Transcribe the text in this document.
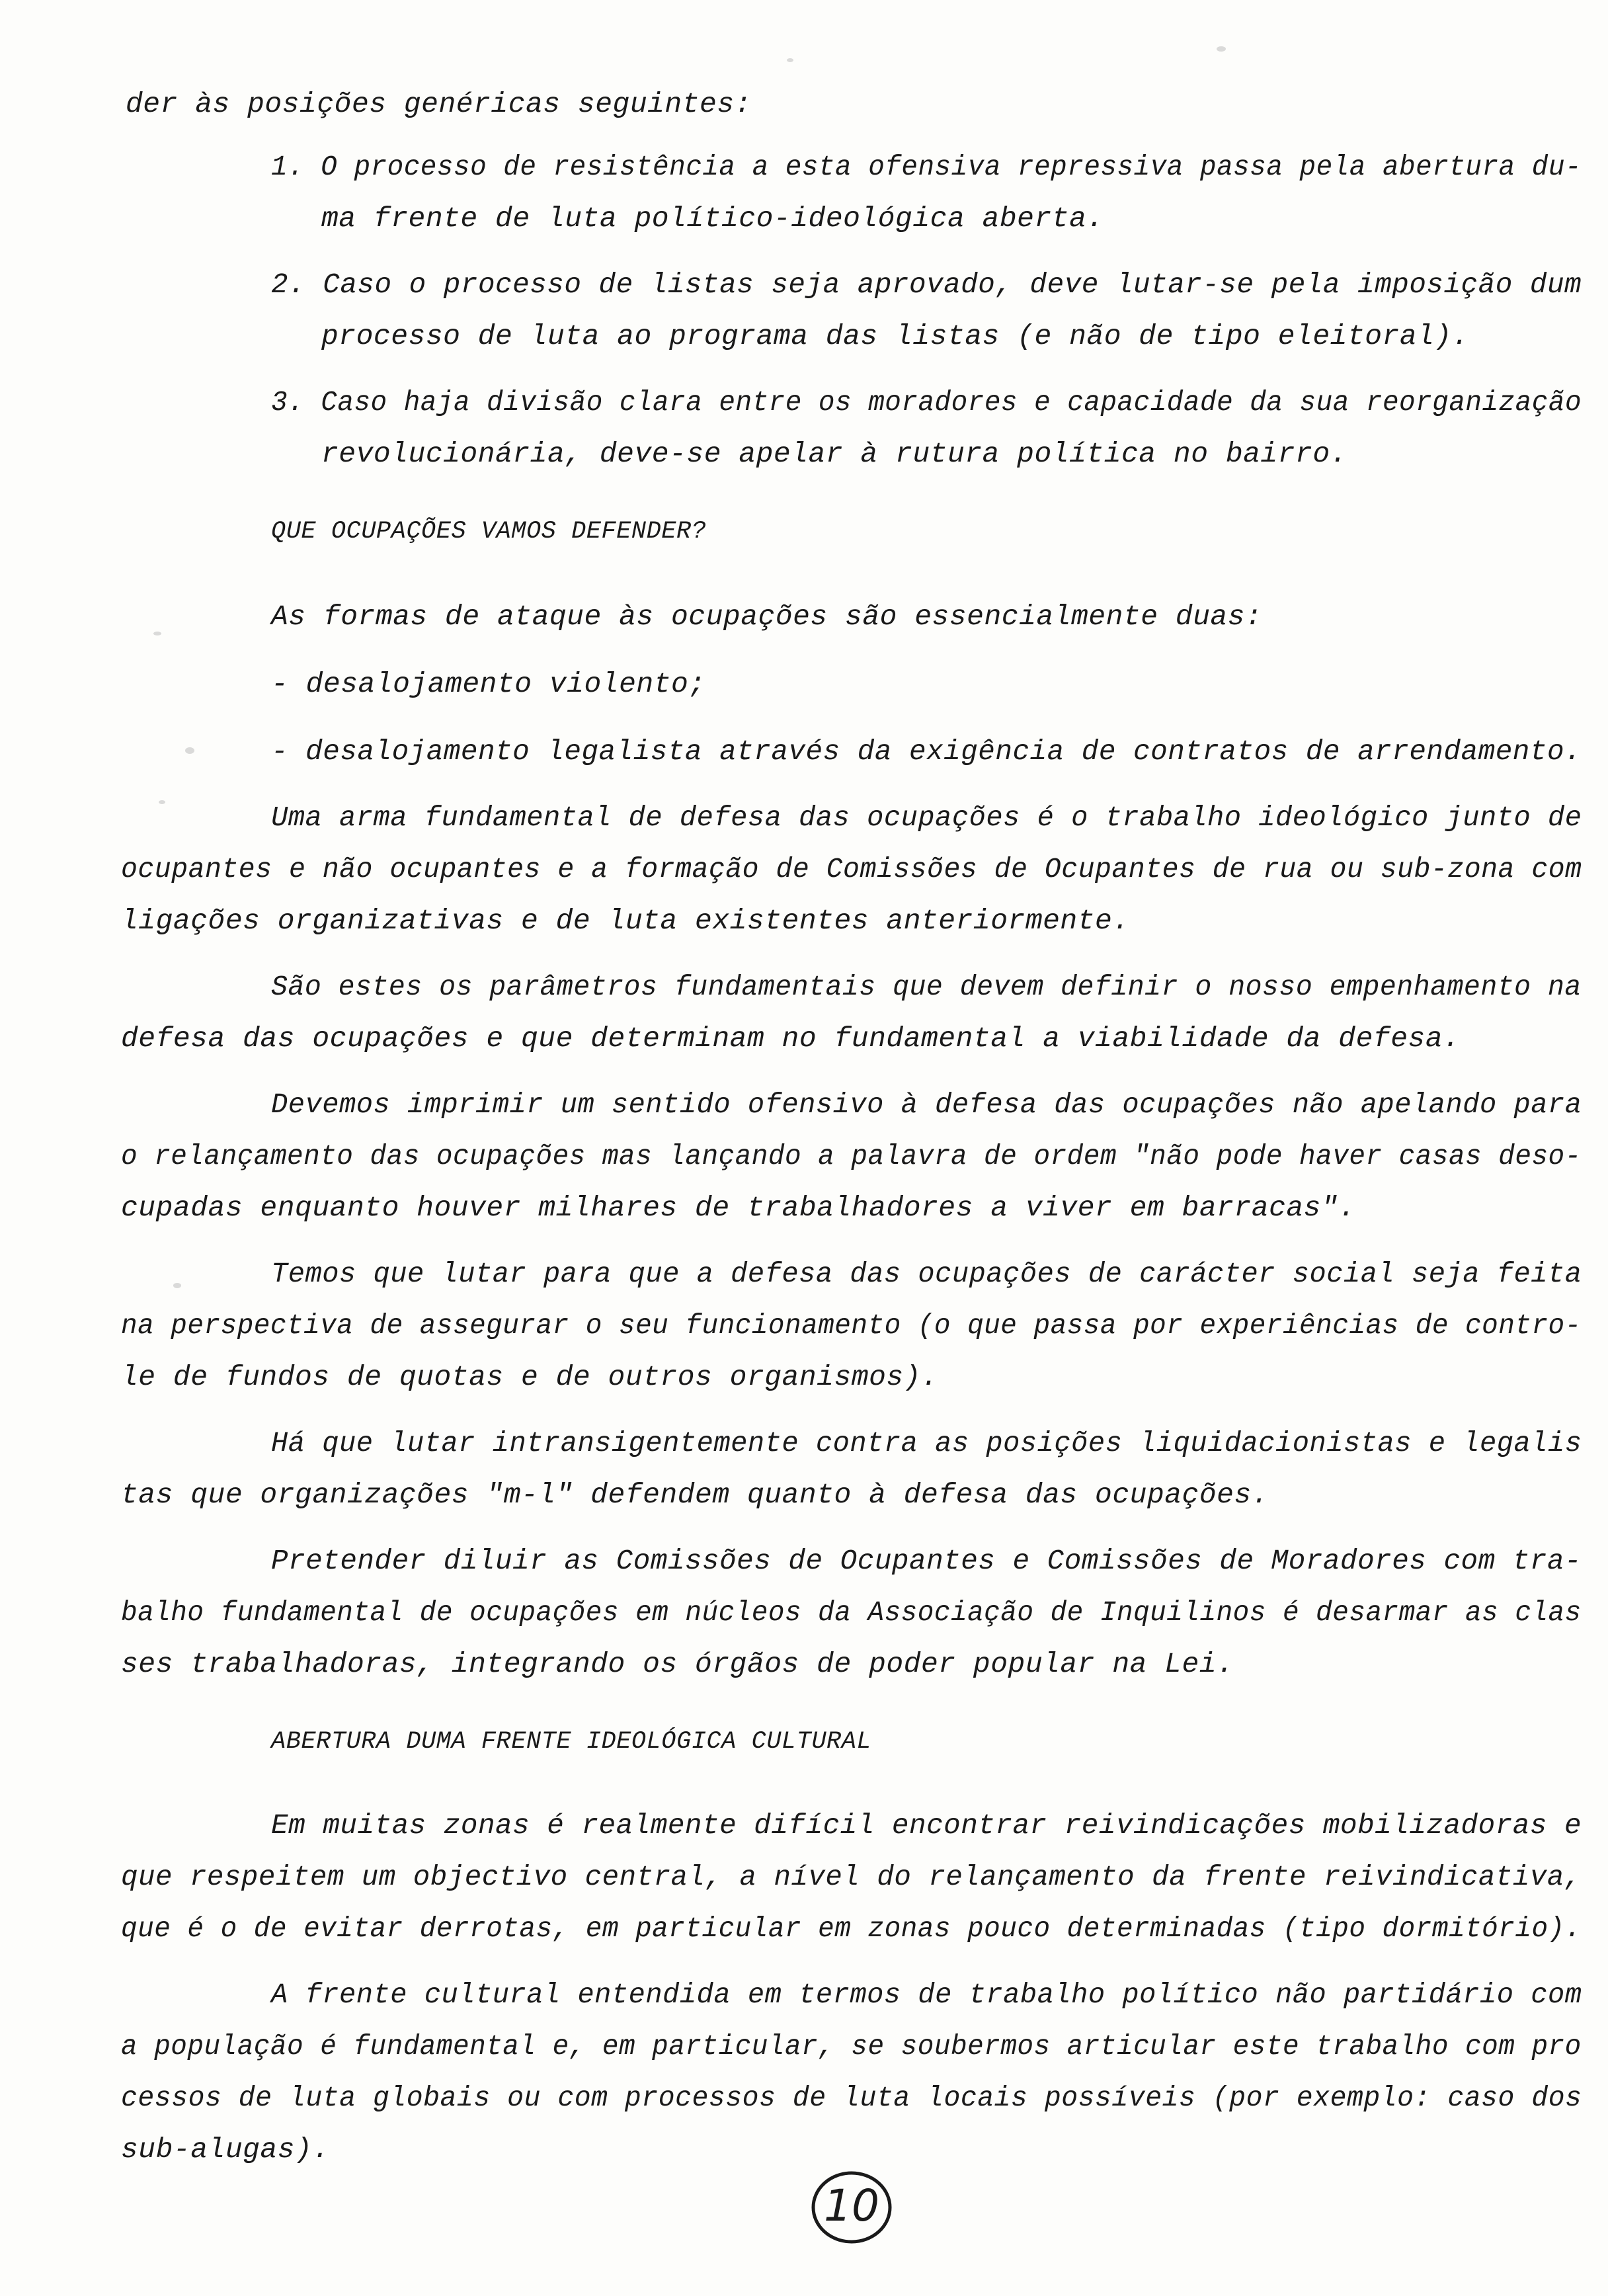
der às posições genéricas seguintes:
1. O processo de resistência a esta ofensiva repressiva passa pela abertura du-
ma frente de luta político-ideológica aberta.
2. Caso o processo de listas seja aprovado, deve lutar-se pela imposição dum
processo de luta ao programa das listas (e não de tipo eleitoral).
3. Caso haja divisão clara entre os moradores e capacidade da sua reorganização
revolucionária, deve-se apelar à rutura política no bairro.
QUE OCUPAÇÕES VAMOS DEFENDER?
As formas de ataque às ocupações são essencialmente duas:
- desalojamento violento;
- desalojamento legalista através da exigência de contratos de arrendamento.
Uma arma fundamental de defesa das ocupações é o trabalho ideológico junto de
ocupantes e não ocupantes e a formação de Comissões de Ocupantes de rua ou sub-zona com
ligações organizativas e de luta existentes anteriormente.
São estes os parâmetros fundamentais que devem definir o nosso empenhamento na
defesa das ocupações e que determinam no fundamental a viabilidade da defesa.
Devemos imprimir um sentido ofensivo à defesa das ocupações não apelando para
o relançamento das ocupações mas lançando a palavra de ordem "não pode haver casas deso-
cupadas enquanto houver milhares de trabalhadores a viver em barracas".
Temos que lutar para que a defesa das ocupações de carácter social seja feita
na perspectiva de assegurar o seu funcionamento (o que passa por experiências de contro-
le de fundos de quotas e de outros organismos).
Há que lutar intransigentemente contra as posições liquidacionistas e legalis
tas que organizações "m-l" defendem quanto à defesa das ocupações.
Pretender diluir as Comissões de Ocupantes e Comissões de Moradores com tra-
balho fundamental de ocupações em núcleos da Associação de Inquilinos é desarmar as clas
ses trabalhadoras, integrando os órgãos de poder popular na Lei.
ABERTURA DUMA FRENTE IDEOLÓGICA CULTURAL
Em muitas zonas é realmente difícil encontrar reivindicações mobilizadoras e
que respeitem um objectivo central, a nível do relançamento da frente reivindicativa,
que é o de evitar derrotas, em particular em zonas pouco determinadas (tipo dormitório).
A frente cultural entendida em termos de trabalho político não partidário com
a população é fundamental e, em particular, se soubermos articular este trabalho com pro
cessos de luta globais ou com processos de luta locais possíveis (por exemplo: caso dos
sub-alugas).
10
